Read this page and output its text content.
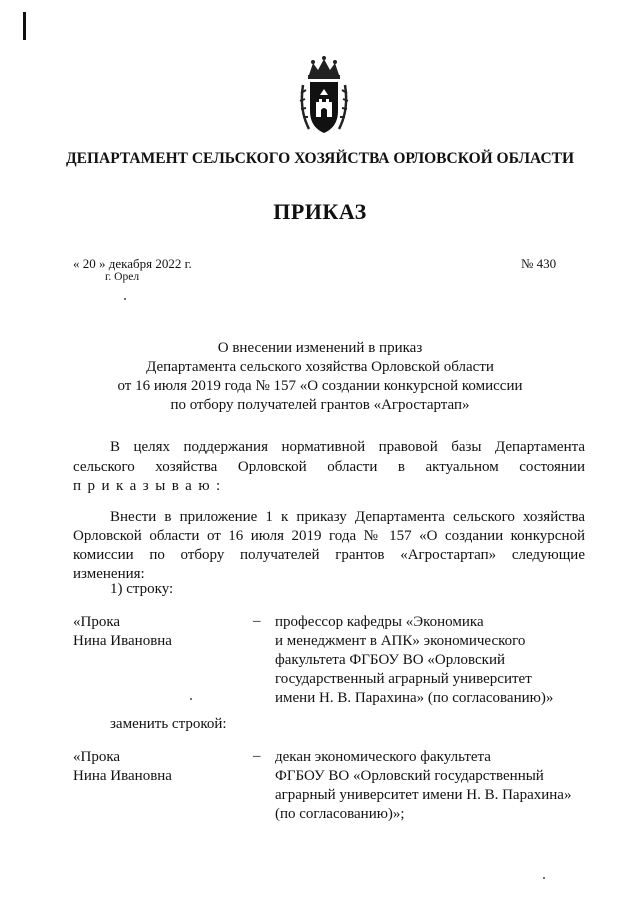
ДЕПАРТАМЕНТ СЕЛЬСКОГО ХОЗЯЙСТВА ОРЛОВСКОЙ ОБЛАСТИ
ПРИКАЗ
« 20 » декабря 2022 г.
г. Орел
№ 430
О внесении изменений в приказ
Департамента сельского хозяйства Орловской области
от 16 июля 2019 года № 157 «О создании конкурсной комиссии
по отбору получателей грантов «Агростартап»
В целях поддержания нормативной правовой базы Департамента
сельского хозяйства Орловской области в актуальном состоянии
приказываю:
Внести в приложение 1 к приказу Департамента сельского хозяйства
Орловской области от 16 июля 2019 года № 157 «О создании конкурсной
комиссии по отбору получателей грантов «Агростартап» следующие
изменения:
1) строку:
«Прока
Нина Ивановна
– профессор кафедры «Экономика
и менеджмент в АПК» экономического
факультета ФГБОУ ВО «Орловский
государственный аграрный университет
имени Н. В. Парахина» (по согласованию)»
заменить строкой:
«Прока
Нина Ивановна
– декан экономического факультета
ФГБОУ ВО «Орловский государственный
аграрный университет имени Н. В. Парахина»
(по согласованию)»;
